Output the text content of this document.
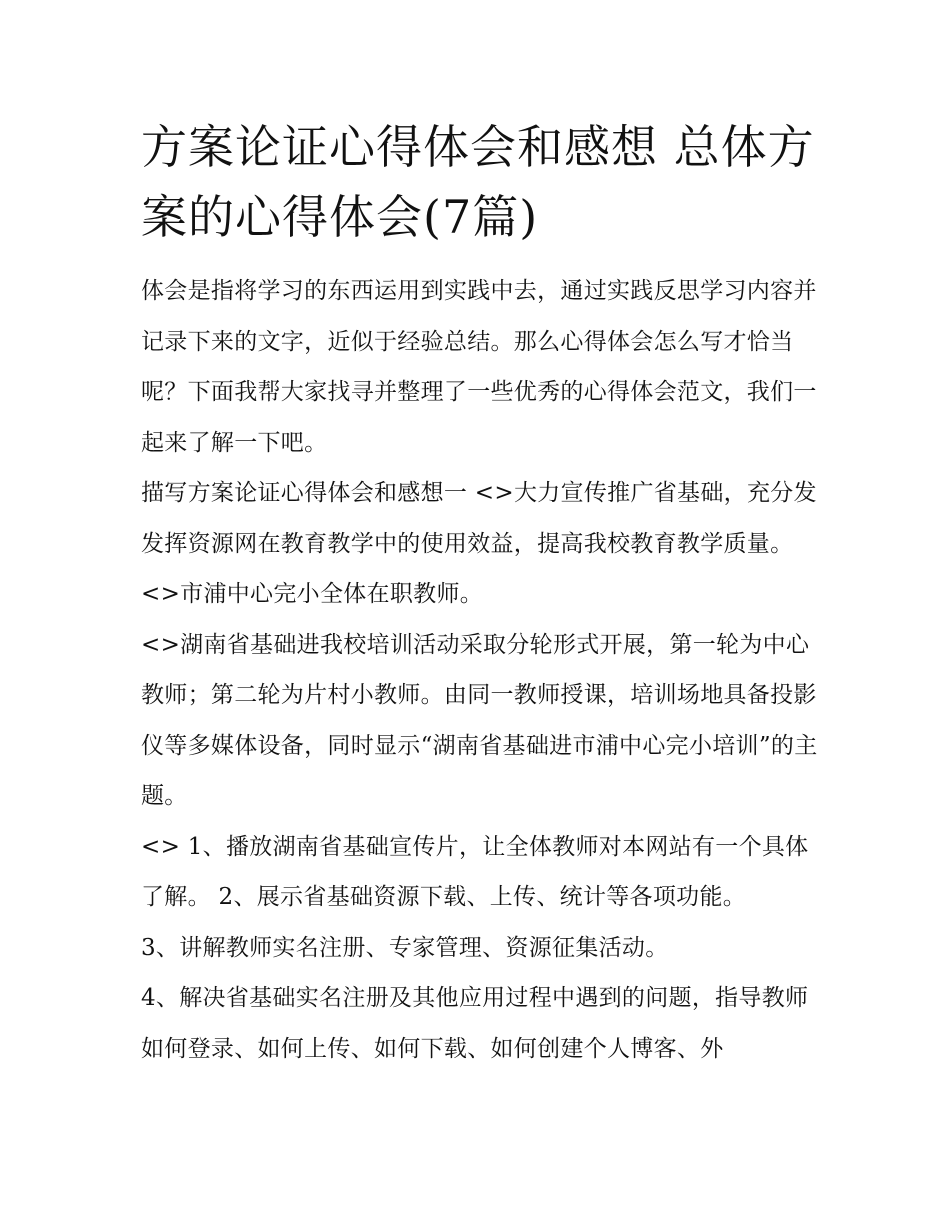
方案论证心得体会和感想 总体方案的心得体会(7篇)

体会是指将学习的东西运用到实践中去，通过实践反思学习内容并记录下来的文字，近似于经验总结。那么心得体会怎么写才恰当呢？下面我帮大家找寻并整理了一些优秀的心得体会范文，我们一起来了解一下吧。

描写方案论证心得体会和感想一 <>大力宣传推广省基础，充分发发挥资源网在教育教学中的使用效益，提高我校教育教学质量。 <>市浦中心完小全体在职教师。

<>湖南省基础进我校培训活动采取分轮形式开展，第一轮为中心教师；第二轮为片村小教师。由同一教师授课，培训场地具备投影仪等多媒体设备，同时显示“湖南省基础进市浦中心完小培训”的主题。

<> 1、播放湖南省基础宣传片，让全体教师对本网站有一个具体了解。 2、展示省基础资源下载、上传、统计等各项功能。

3、讲解教师实名注册、专家管理、资源征集活动。

4、解决省基础实名注册及其他应用过程中遇到的问题，指导教师如何登录、如何上传、如何下载、如何创建个人博客、外
